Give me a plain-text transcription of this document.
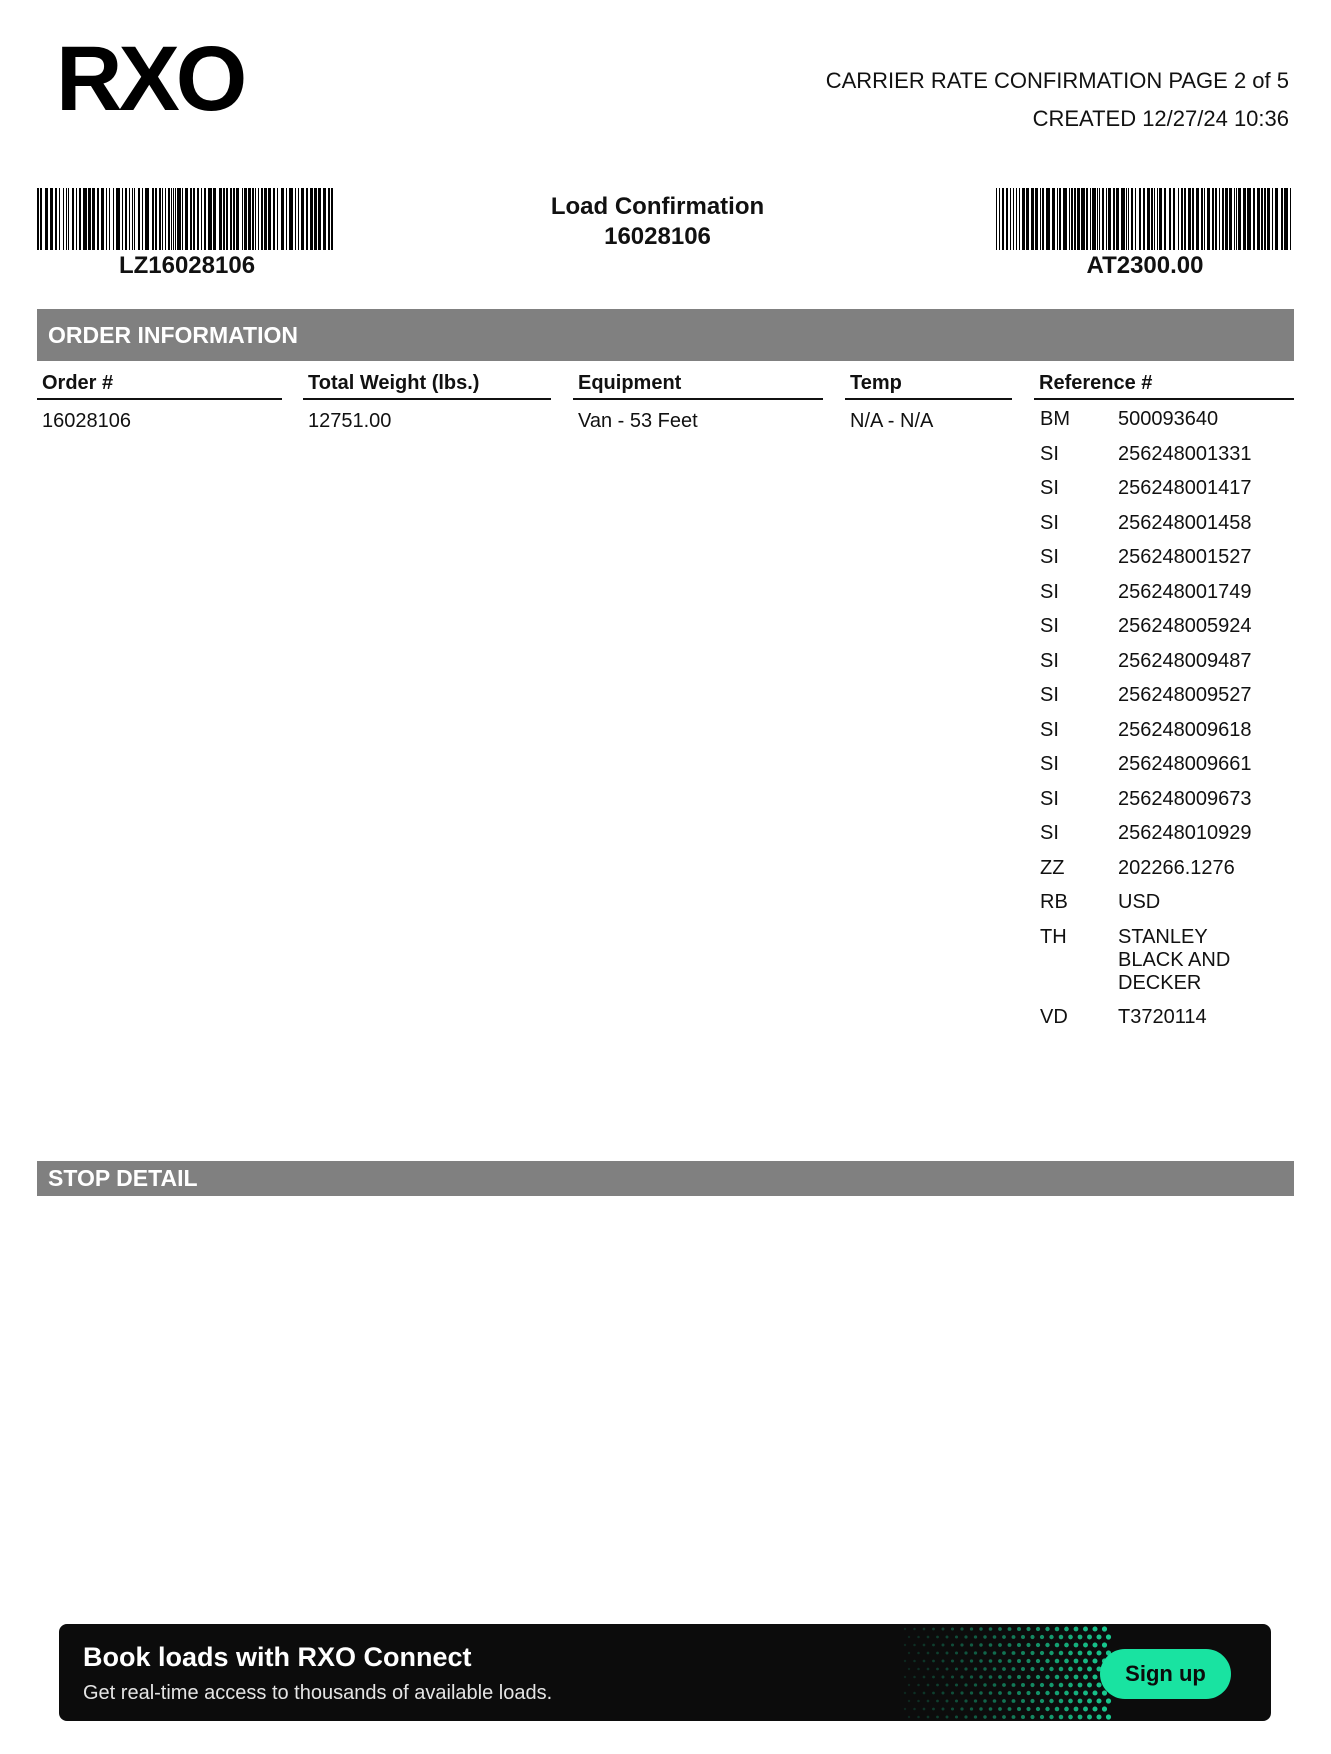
RXO	CARRIER RATE CONFIRMATION PAGE 2 of 5
CREATED 12/27/24 10:36
LZ16028106	AT2300.00
Load Confirmation
16028106
ORDER INFORMATION
Order #	Total Weight (lbs.)	Equipment	Temp	Reference #
16028106	12751.00	Van - 53 Feet	N/A - N/A	BM	500093640
SI	256248001331
SI	256248001417
SI	256248001458
SI	256248001527
SI	256248001749
SI	256248005924
SI	256248009487
SI	256248009527
SI	256248009618
SI	256248009661
SI	256248009673
SI	256248010929
ZZ	202266.1276
RB	USD
TH	STANLEY BLACK AND DECKER
VD	T3720114
STOP DETAIL
Book loads with RXO Connect
Get real-time access to thousands of available loads.
Sign up
